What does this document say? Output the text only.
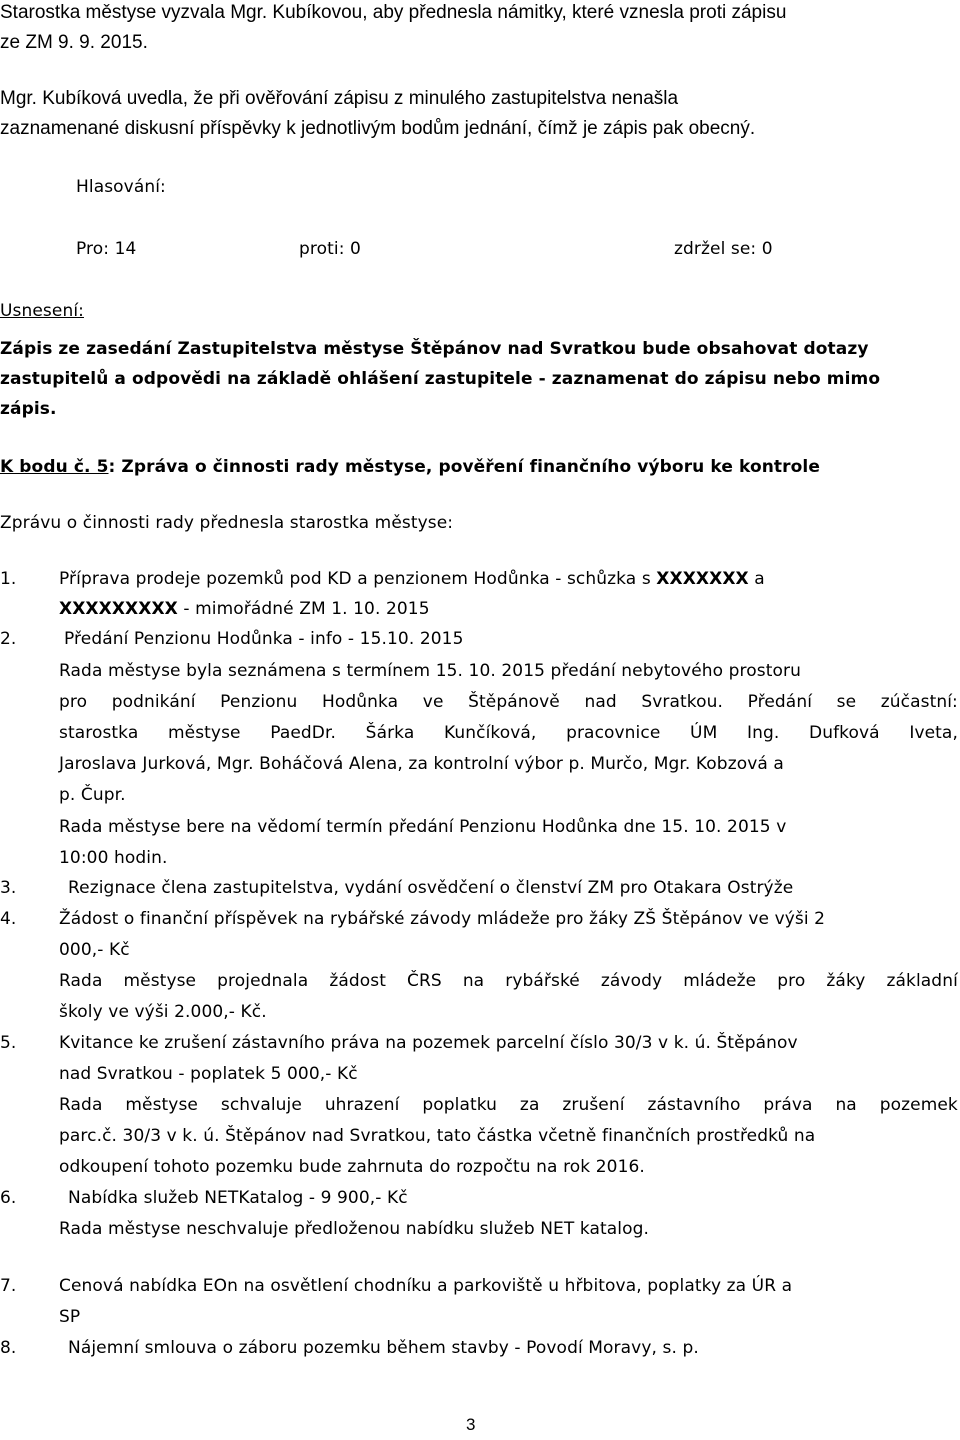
Starostka městyse vyzvala Mgr. Kubíkovou, aby přednesla námitky, které vznesla proti zápisu
ze ZM 9. 9. 2015.
Mgr. Kubíková uvedla, že při ověřování zápisu z minulého zastupitelstva nenašla
zaznamenané diskusní příspěvky k jednotlivým bodům jednání, čímž je zápis pak obecný.
Hlasování:
Pro: 14	proti: 0	zdržel se: 0
Usnesení:
Zápis ze zasedání Zastupitelstva městyse Štěpánov nad Svratkou bude obsahovat dotazy
zastupitelů a odpovědi na základě ohlášení zastupitele - zaznamenat do zápisu nebo mimo
zápis.
K bodu č. 5: Zpráva o činnosti rady městyse, pověření finančního výboru ke kontrole
Zprávu o činnosti rady přednesla starostka městyse:
1.	Příprava prodeje pozemků pod KD a penzionem Hodůnka - schůzka s XXXXXXX a
XXXXXXXXX - mimořádné ZM 1. 10. 2015
2.	Předání Penzionu Hodůnka - info - 15.10. 2015
Rada městyse byla seznámena s termínem 15. 10. 2015 předání nebytového prostoru
pro podnikání Penzionu Hodůnka ve Štěpánově nad Svratkou. Předání se zúčastní:
starostka městyse PaedDr. Šárka Kunčíková, pracovnice ÚM Ing. Dufková Iveta,
Jaroslava Jurková, Mgr. Boháčová Alena, za kontrolní výbor p. Murčo, Mgr. Kobzová a
p. Čupr.
Rada městyse bere na vědomí termín předání Penzionu Hodůnka dne 15. 10. 2015 v
10:00 hodin.
3.	Rezignace člena zastupitelstva, vydání osvědčení o členství ZM pro Otakara Ostrýže
4.	Žádost o finanční příspěvek na rybářské závody mládeže pro žáky ZŠ Štěpánov ve výši 2
000,- Kč
Rada městyse projednala žádost ČRS na rybářské závody mládeže pro žáky základní
školy ve výši 2.000,- Kč.
5.	Kvitance ke zrušení zástavního práva na pozemek parcelní číslo 30/3 v k. ú. Štěpánov
nad Svratkou - poplatek 5 000,- Kč
Rada městyse schvaluje uhrazení poplatku za zrušení zástavního práva na pozemek
parc.č. 30/3 v k. ú. Štěpánov nad Svratkou, tato částka včetně finančních prostředků na
odkoupení tohoto pozemku bude zahrnuta do rozpočtu na rok 2016.
6.	Nabídka služeb NETKatalog - 9 900,- Kč
Rada městyse neschvaluje předloženou nabídku služeb NET katalog.
7.	Cenová nabídka EOn na osvětlení chodníku a parkoviště u hřbitova, poplatky za ÚR a
SP
8.	Nájemní smlouva o záboru pozemku během stavby - Povodí Moravy, s. p.
3
